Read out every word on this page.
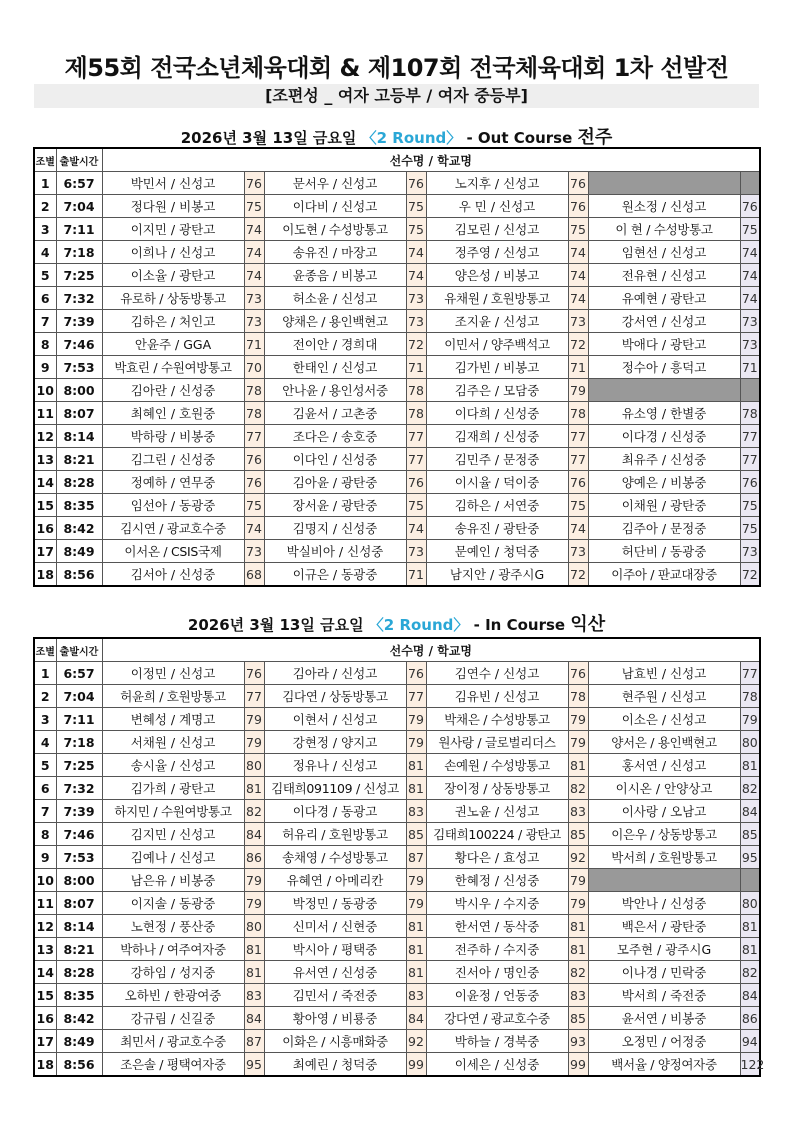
제55회 전국소년체육대회 & 제107회 전국체육대회 1차 선발전
[조편성 _ 여자 고등부 / 여자 중등부]
2026년 3월 13일 금요일 〈2 Round〉 - Out Course 전주
조별	출발시간	선수명 / 학교명							
1	6:57	박민서 / 신성고	76	문서우 / 신성고	76	노지후 / 신성고	76		
2	7:04	정다원 / 비봉고	75	이다비 / 신성고	75	우 민 / 신성고	76	원소정 / 신성고	76
3	7:11	이지민 / 광탄고	74	이도현 / 수성방통고	75	김모린 / 신성고	75	이 현 / 수성방통고	75
4	7:18	이희나 / 신성고	74	송유진 / 마장고	74	정주영 / 신성고	74	임현선 / 신성고	74
5	7:25	이소율 / 광탄고	74	윤종음 / 비봉고	74	양은성 / 비봉고	74	전유현 / 신성고	74
6	7:32	유로하 / 상동방통고	73	허소윤 / 신성고	73	유채원 / 호원방통고	74	유예현 / 광탄고	74
7	7:39	김하은 / 처인고	73	양채은 / 용인백현고	73	조지윤 / 신성고	73	강서연 / 신성고	73
8	7:46	안윤주 / GGA	71	전이안 / 경희대	72	이민서 / 양주백석고	72	박애다 / 광탄고	73
9	7:53	박효린 / 수원여방통고	70	한태인 / 신성고	71	김가빈 / 비봉고	71	정수아 / 흥덕고	71
10	8:00	김아란 / 신성중	78	안나윤 / 용인성서중	78	김주은 / 모담중	79		
11	8:07	최혜인 / 호원중	78	김윤서 / 고촌중	78	이다희 / 신성중	78	유소영 / 한별중	78
12	8:14	박하랑 / 비봉중	77	조다은 / 송호중	77	김재희 / 신성중	77	이다경 / 신성중	77
13	8:21	김그린 / 신성중	76	이다인 / 신성중	77	김민주 / 문정중	77	최유주 / 신성중	77
14	8:28	정예하 / 연무중	76	김아윤 / 광탄중	76	이시율 / 덕이중	76	양예은 / 비봉중	76
15	8:35	임선아 / 동광중	75	장서윤 / 광탄중	75	김하은 / 서연중	75	이채원 / 광탄중	75
16	8:42	김시연 / 광교호수중	74	김명지 / 신성중	74	송유진 / 광탄중	74	김주아 / 문정중	75
17	8:49	이서온 / CSIS국제	73	박실비아 / 신성중	73	문예인 / 청덕중	73	허단비 / 동광중	73
18	8:56	김서아 / 신성중	68	이규은 / 동광중	71	남지안 / 광주시G	72	이주아 / 판교대장중	72
2026년 3월 13일 금요일 〈2 Round〉 - In Course 익산
조별	출발시간	선수명 / 학교명							
1	6:57	이정민 / 신성고	76	김아라 / 신성고	76	김연수 / 신성고	76	남효빈 / 신성고	77
2	7:04	허윤희 / 호원방통고	77	김다연 / 상동방통고	77	김유빈 / 신성고	78	현주원 / 신성고	78
3	7:11	변혜성 / 계명고	79	이현서 / 신성고	79	박채은 / 수성방통고	79	이소은 / 신성고	79
4	7:18	서채원 / 신성고	79	강현정 / 양지고	79	원사랑 / 글로벌리더스	79	양서은 / 용인백현고	80
5	7:25	송시율 / 신성고	80	정유나 / 신성고	81	손예원 / 수성방통고	81	홍서연 / 신성고	81
6	7:32	김가희 / 광탄고	81	김태희091109 / 신성고	81	장이정 / 상동방통고	82	이시온 / 안양상고	82
7	7:39	하지민 / 수원여방통고	82	이다경 / 동광고	83	권노윤 / 신성고	83	이사랑 / 오남고	84
8	7:46	김지민 / 신성고	84	허유리 / 호원방통고	85	김태희100224 / 광탄고	85	이은우 / 상동방통고	85
9	7:53	김예나 / 신성고	86	송채영 / 수성방통고	87	황다은 / 효성고	92	박서희 / 호원방통고	95
10	8:00	남은유 / 비봉중	79	유혜연 / 아메리칸	79	한혜정 / 신성중	79		
11	8:07	이지솔 / 동광중	79	박정민 / 동광중	79	박시우 / 수지중	79	박안나 / 신성중	80
12	8:14	노현정 / 풍산중	80	신미서 / 신현중	81	한서연 / 동삭중	81	백은서 / 광탄중	81
13	8:21	박하나 / 여주여자중	81	박시아 / 평택중	81	전주하 / 수지중	81	모주현 / 광주시G	81
14	8:28	강하임 / 성지중	81	유서연 / 신성중	81	진서아 / 명인중	82	이나경 / 민락중	82
15	8:35	오하빈 / 한광여중	83	김민서 / 죽전중	83	이윤정 / 언동중	83	박서희 / 죽전중	84
16	8:42	강규림 / 신길중	84	황아영 / 비룡중	84	강다연 / 광교호수중	85	윤서연 / 비봉중	86
17	8:49	최민서 / 광교호수중	87	이화은 / 시흥매화중	92	박하늘 / 경북중	93	오정민 / 어정중	94
18	8:56	조은솔 / 평택여자중	95	최예린 / 청덕중	99	이세은 / 신성중	99	백서율 / 양정여자중	122
